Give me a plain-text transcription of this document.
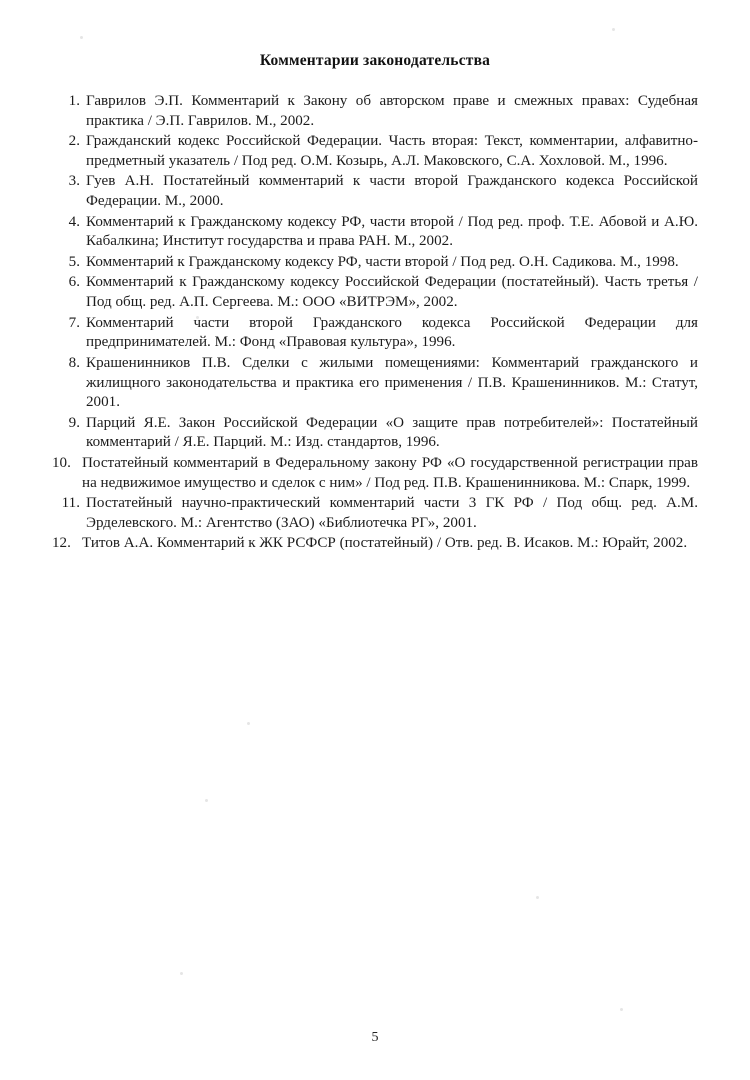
Комментарии законодательства
Гаврилов Э.П. Комментарий к Закону об авторском праве и смежных правах: Судебная практика / Э.П. Гаврилов. М., 2002.
Гражданский кодекс Российской Федерации. Часть вторая: Текст, комментарии, алфавитно-предметный указатель / Под ред. О.М. Козырь, А.Л. Маковского, С.А. Хохловой. М., 1996.
Гуев А.Н. Постатейный комментарий к части второй Гражданского кодекса Российской Федерации. М., 2000.
Комментарий к Гражданскому кодексу РФ, части второй / Под ред. проф. Т.Е. Абовой и А.Ю. Кабалкина; Институт государства и права РАН. М., 2002.
Комментарий к Гражданскому кодексу РФ, части второй / Под ред. О.Н. Садикова. М., 1998.
Комментарий к Гражданскому кодексу Российской Федерации (постатейный). Часть третья / Под общ. ред. А.П. Сергеева. М.: ООО «ВИТРЭМ», 2002.
Комментарий части второй Гражданского кодекса Российской Федерации для предпринимателей. М.: Фонд «Правовая культура», 1996.
Крашенинников П.В. Сделки с жилыми помещениями: Комментарий гражданского и жилищного законодательства и практика его применения / П.В. Крашенинников. М.: Статут, 2001.
Парций Я.Е. Закон Российской Федерации «О защите прав потребителей»: Постатейный комментарий / Я.Е. Парций. М.: Изд. стандартов, 1996.
Постатейный комментарий в Федеральному закону РФ «О государственной регистрации прав на недвижимое имущество и сделок с ним» / Под ред. П.В. Крашенинникова. М.: Спарк, 1999.
Постатейный научно-практический комментарий части 3 ГК РФ / Под общ. ред. А.М. Эрделевского. М.: Агентство (ЗАО) «Библиотечка РГ», 2001.
Титов А.А. Комментарий к ЖК РСФСР (постатейный) / Отв. ред. В. Исаков. М.: Юрайт, 2002.
5
